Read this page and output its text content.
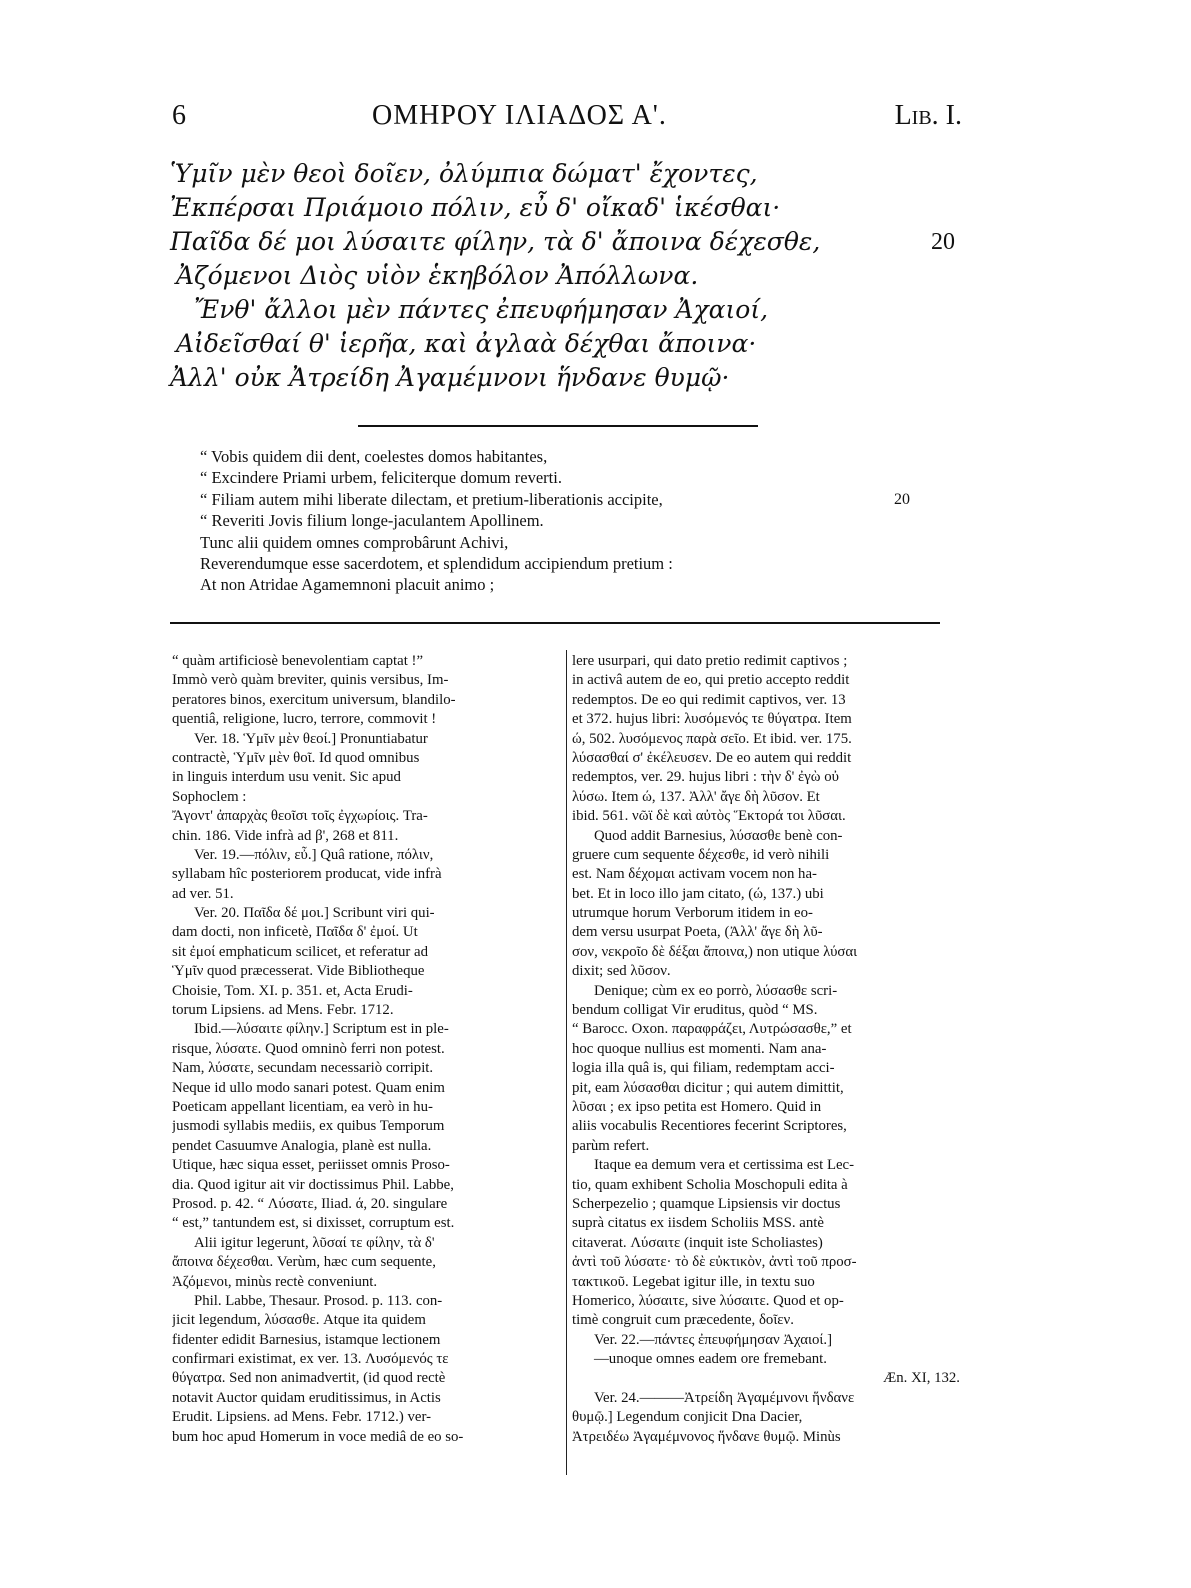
6	ΟΜΗΡΟΥ ΙΛΙΑΔΟΣ Α'.	Lib. I.
Ὑμῖν μὲν θεοὶ δοῖεν, ὀλύμπια δώματ' ἔχοντες,
Ἐκπέρσαι Πριάμοιο πόλιν, εὖ δ' οἴκαδ' ἱκέσθαι·
Παῖδα δέ μοι λύσαιτε φίλην, τὰ δ' ἄποινα δέχεσθε,	20
Ἀζόμενοι Διὸς υἱὸν ἑκηβόλον Ἀπόλλωνα.
Ἔνθ' ἄλλοι μὲν πάντες ἐπευφήμησαν Ἀχαιοί,
Αἰδεῖσθαί θ' ἱερῆα, καὶ ἀγλαὰ δέχθαι ἄποινα·
Ἀλλ' οὐκ Ἀτρείδη Ἀγαμέμνονι ἥνδανε θυμῷ·
“ Vobis quidem dii dent, coelestes domos habitantes,
“ Excindere Priami urbem, feliciterque domum reverti.
“ Filiam autem mihi liberate dilectam, et pretium-liberationis accipite,	20
“ Reveriti Jovis filium longe-jaculantem Apollinem.
Tunc alii quidem omnes comprobârunt Achivi,
Reverendumque esse sacerdotem, et splendidum accipiendum pretium :
At non Atridae Agamemnoni placuit animo ;
“ quàm artificiosè benevolentiam captat !”
Immò verò quàm breviter, quinis versibus, Im-
peratores binos, exercitum universum, blandilo-
quentiâ, religione, lucro, terrore, commovit !
Ver. 18. Ὑμῖν μὲν θεοί.] Pronuntiabatur
contractè, Ὑμῖν μὲν θοῖ. Id quod omnibus
in linguis interdum usu venit. Sic apud
Sophoclem :
Ἄγοντ' ἀπαρχὰς θεοῖσι τοῖς ἐγχωρίοις. Tra-
chin. 186. Vide infrà ad β', 268 et 811.
Ver. 19.—πόλιν, εὖ.] Quâ ratione, πόλιν,
syllabam hîc posteriorem producat, vide infrà
ad ver. 51.
Ver. 20. Παῖδα δέ μοι.] Scribunt viri qui-
dam docti, non inficetè, Παῖδα δ' ἐμοί. Ut
sit ἐμοί emphaticum scilicet, et referatur ad
Ὑμῖν quod præcesserat. Vide Bibliotheque
Choisie, Tom. XI. p. 351. et, Acta Erudi-
torum Lipsiens. ad Mens. Febr. 1712.
Ibid.—λύσαιτε φίλην.] Scriptum est in ple-
risque, λύσατε. Quod omninò ferri non potest.
Nam, λύσατε, secundam necessariò corripit.
Neque id ullo modo sanari potest. Quam enim
Poeticam appellant licentiam, ea verò in hu-
jusmodi syllabis mediis, ex quibus Temporum
pendet Casuumve Analogia, planè est nulla.
Utique, hæc siqua esset, periisset omnis Proso-
dia. Quod igitur ait vir doctissimus Phil. Labbe,
Prosod. p. 42. “ Λύσατε, Iliad. ά, 20. singulare
“ est,” tantundem est, si dixisset, corruptum est.
Alii igitur legerunt, λῦσαί τε φίλην, τὰ δ'
ἄποινα δέχεσθαι. Verùm, hæc cum sequente,
Ἀζόμενοι, minùs rectè conveniunt.
Phil. Labbe, Thesaur. Prosod. p. 113. con-
jicit legendum, λύσασθε. Atque ita quidem
fidenter edidit Barnesius, istamque lectionem
confirmari existimat, ex ver. 13. Λυσόμενός τε
θύγατρα. Sed non animadvertit, (id quod rectè
notavit Auctor quidam eruditissimus, in Actis
Erudit. Lipsiens. ad Mens. Febr. 1712.) ver-
bum hoc apud Homerum in voce mediâ de eo so-
lere usurpari, qui dato pretio redimit captivos ;
in activâ autem de eo, qui pretio accepto reddit
redemptos. De eo qui redimit captivos, ver. 13
et 372. hujus libri: λυσόμενός τε θύγατρα. Item
ώ, 502. λυσόμενος παρὰ σεῖο. Et ibid. ver. 175.
λύσασθαί σ' ἐκέλευσεν. De eo autem qui reddit
redemptos, ver. 29. hujus libri : τὴν δ' ἐγὼ οὐ
λύσω. Item ώ, 137. Ἀλλ' ἄγε δὴ λῦσον. Et
ibid. 561. νῶϊ δὲ καὶ αὐτὸς Ἕκτορά τοι λῦσαι.
Quod addit Barnesius, λύσασθε benè con-
gruere cum sequente δέχεσθε, id verò nihili
est. Nam δέχομαι activam vocem non ha-
bet. Et in loco illo jam citato, (ώ, 137.) ubi
utrumque horum Verborum itidem in eo-
dem versu usurpat Poeta, (Ἀλλ' ἄγε δὴ λῦ-
σον, νεκροῖο δὲ δέξαι ἄποινα,) non utique λύσαι
dixit; sed λῦσον.
Denique; cùm ex eo porrò, λύσασθε scri-
bendum colligat Vir eruditus, quòd “ MS.
“ Barocc. Oxon. παραφράζει, Λυτρώσασθε,” et
hoc quoque nullius est momenti. Nam ana-
logia illa quâ is, qui filiam, redemptam acci-
pit, eam λύσασθαι dicitur ; qui autem dimittit,
λῦσαι ; ex ipso petita est Homero. Quid in
aliis vocabulis Recentiores fecerint Scriptores,
parùm refert.
Itaque ea demum vera et certissima est Lec-
tio, quam exhibent Scholia Moschopuli edita à
Scherpezelio ; quamque Lipsiensis vir doctus
suprà citatus ex iisdem Scholiis MSS. antè
citaverat. Λύσαιτε (inquit iste Scholiastes)
ἀντὶ τοῦ λύσατε· τὸ δὲ εὐκτικὸν, ἀντὶ τοῦ προσ-
τακτικοῦ. Legebat igitur ille, in textu suo
Homerico, λύσαιτε, sive λύσαιτε. Quod et op-
timè congruit cum præcedente, δοῖεν.
Ver. 22.—πάντες ἐπευφήμησαν Ἀχαιοί.]
—unoque omnes eadem ore fremebant.
Æn. XI, 132.
Ver. 24.———Ἀτρείδη Ἀγαμέμνονι ἥνδανε
θυμῷ.] Legendum conjicit Dna Dacier,
Ἀτρειδέω Ἀγαμέμνονος ἥνδανε θυμῷ. Minùs
